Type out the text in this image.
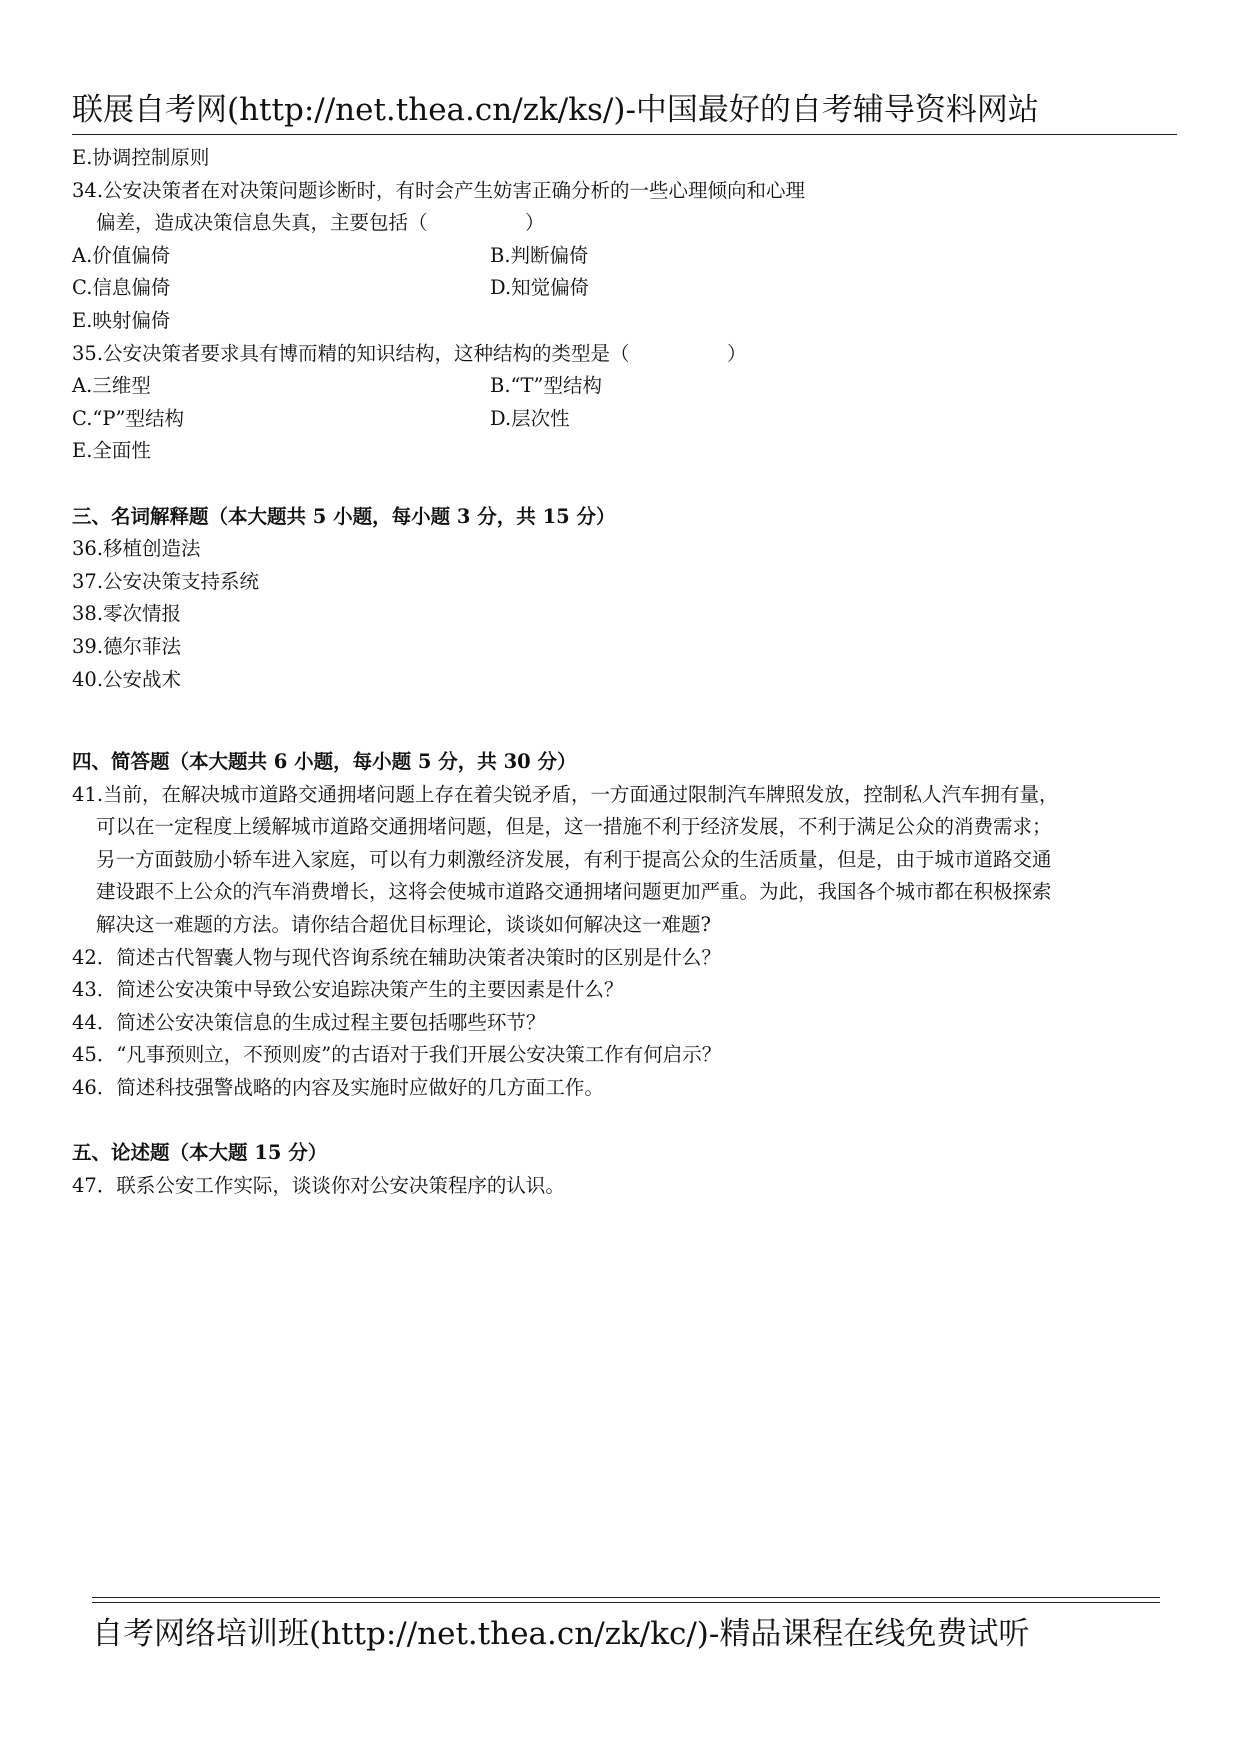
联展自考网(http://net.thea.cn/zk/ks/)-中国最好的自考辅导资料网站
E.协调控制原则
34.公安决策者在对决策问题诊断时，有时会产生妨害正确分析的一些心理倾向和心理
偏差，造成决策信息失真，主要包括（　　　　　）
A.价值偏倚	B.判断偏倚
C.信息偏倚	D.知觉偏倚
E.映射偏倚
35.公安决策者要求具有博而精的知识结构，这种结构的类型是（　　　　　）
A.三维型	B.“T”型结构
C.“P”型结构	D.层次性
E.全面性
三、名词解释题（本大题共 5 小题，每小题 3 分，共 15 分）
36.移植创造法
37.公安决策支持系统
38.零次情报
39.德尔菲法
40.公安战术
四、简答题（本大题共 6 小题，每小题 5 分，共 30 分）
41.当前，在解决城市道路交通拥堵问题上存在着尖锐矛盾，一方面通过限制汽车牌照发放，控制私人汽车拥有量，
可以在一定程度上缓解城市道路交通拥堵问题，但是，这一措施不利于经济发展，不利于满足公众的消费需求；
另一方面鼓励小轿车进入家庭，可以有力刺激经济发展，有利于提高公众的生活质量，但是，由于城市道路交通
建设跟不上公众的汽车消费增长，这将会使城市道路交通拥堵问题更加严重。为此，我国各个城市都在积极探索
解决这一难题的方法。请你结合超优目标理论，谈谈如何解决这一难题?
42．简述古代智囊人物与现代咨询系统在辅助决策者决策时的区别是什么？
43．简述公安决策中导致公安追踪决策产生的主要因素是什么？
44．简述公安决策信息的生成过程主要包括哪些环节？
45．“凡事预则立，不预则废”的古语对于我们开展公安决策工作有何启示？
46．简述科技强警战略的内容及实施时应做好的几方面工作。
五、论述题（本大题 15 分）
47．联系公安工作实际，谈谈你对公安决策程序的认识。
自考网络培训班(http://net.thea.cn/zk/kc/)-精品课程在线免费试听
